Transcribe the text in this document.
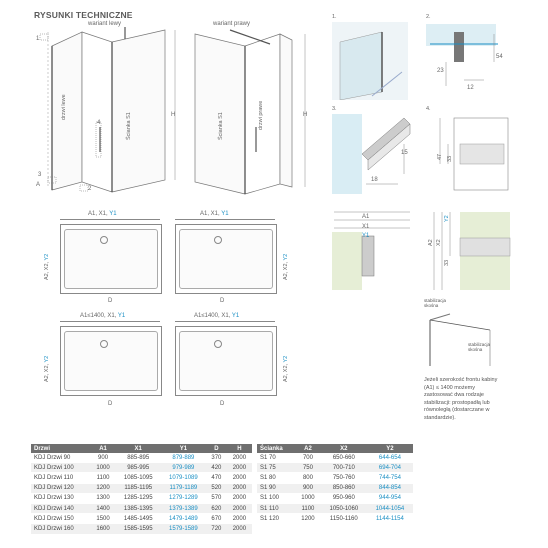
RYSUNKI TECHNICZNE
wariant lewy	wariant prawy
drzwi lewe
Ścianka S1	Ścianka S1	drzwi prawe
H	H
A
1
2
3
4
A1, X1, Y1
D
A2, X2, Y2
A1, X1, Y1
D
A2, X2, Y2
A1≤1400, X1, Y1
D
A2, X2, Y2
A1≤1400, X1, Y1
D
A2, X2, Y2
1.	2.
54
23
12
3.
15
18
4.
47 33
A1
X1
Y1
A2 X2
Y2
33
stabilizacja
skośna
stabilizacja
skośna
Jeżeli szerokość frontu kabiny (A1) ≤ 1400 możemy zastosować dwa rodzaje stabilizacji: prostopadłą lub równoległą (dostarczane w standardzie).
Drzwi	A1	X1	Y1	D	H
KDJ Drzwi 90	900	885-895	879-889	370	2000
KDJ Drzwi 100	1000	985-995	979-989	420	2000
KDJ Drzwi 110	1100	1085-1095	1079-1089	470	2000
KDJ Drzwi 120	1200	1185-1195	1179-1189	520	2000
KDJ Drzwi 130	1300	1285-1295	1279-1289	570	2000
KDJ Drzwi 140	1400	1385-1395	1379-1389	620	2000
KDJ Drzwi 150	1500	1485-1495	1479-1489	670	2000
KDJ Drzwi 160	1600	1585-1595	1579-1589	720	2000
Ścianka	A2	X2	Y2
S1 70	700	650-660	644-654
S1 75	750	700-710	694-704
S1 80	800	750-760	744-754
S1 90	900	850-860	844-854
S1 100	1000	950-960	944-954
S1 110	1100	1050-1060	1044-1054
S1 120	1200	1150-1160	1144-1154
